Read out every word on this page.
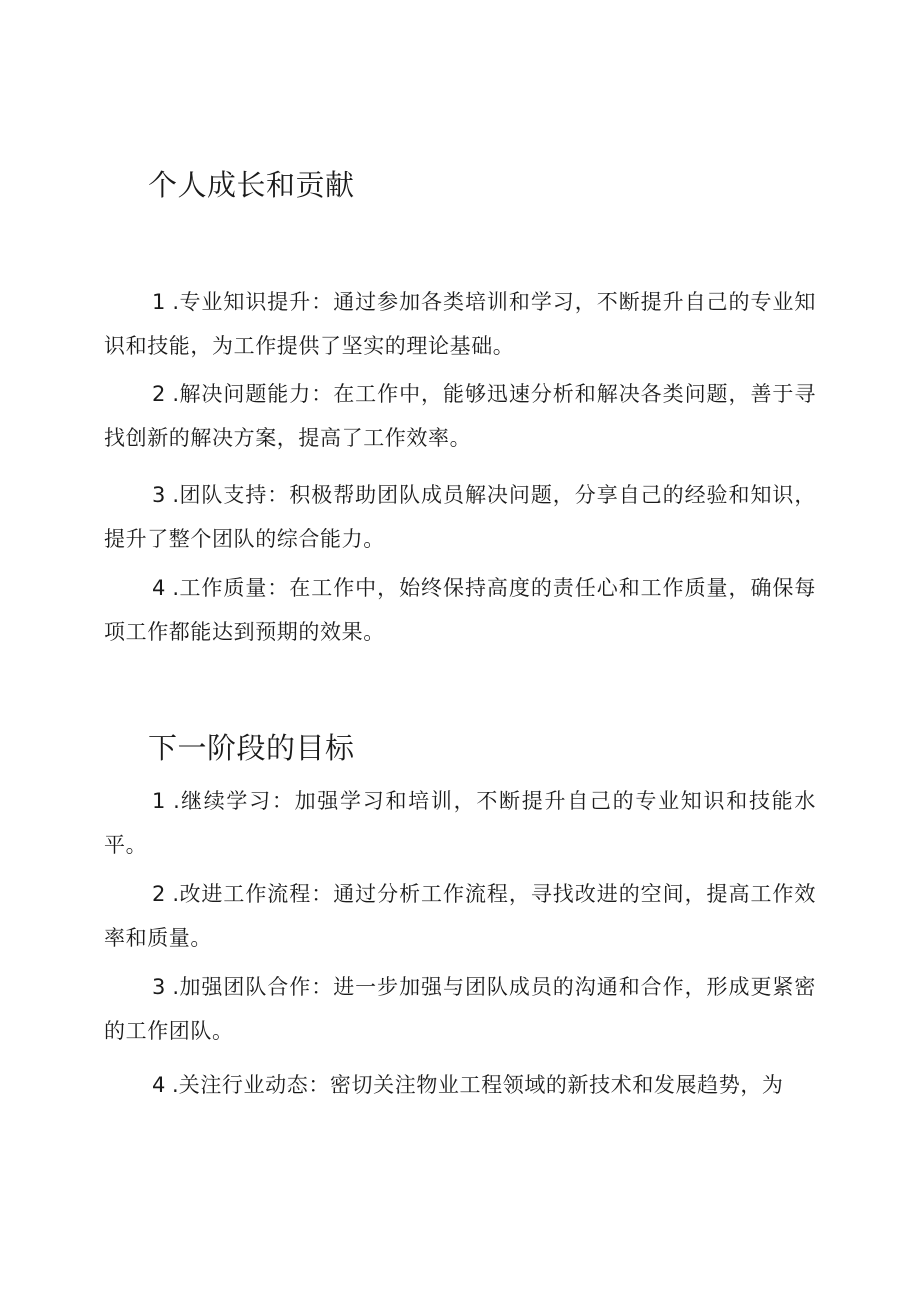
个人成长和贡献

1 . 专业知识提升：通过参加各类培训和学习，不断提升自己的专业知识和技能，为工作提供了坚实的理论基础。

2 . 解决问题能力：在工作中，能够迅速分析和解决各类问题，善于寻找创新的解决方案，提高了工作效率。

3 . 团队支持：积极帮助团队成员解决问题，分享自己的经验和知识，提升了整个团队的综合能力。

4 . 工作质量：在工作中，始终保持高度的责任心和工作质量，确保每项工作都能达到预期的效果。

下一阶段的目标

1 . 继续学习：加强学习和培训，不断提升自己的专业知识和技能水平。

2 . 改进工作流程：通过分析工作流程，寻找改进的空间，提高工作效率和质量。

3 . 加强团队合作：进一步加强与团队成员的沟通和合作，形成更紧密的工作团队。

4 . 关注行业动态：密切关注物业工程领域的新技术和发展趋势，为
